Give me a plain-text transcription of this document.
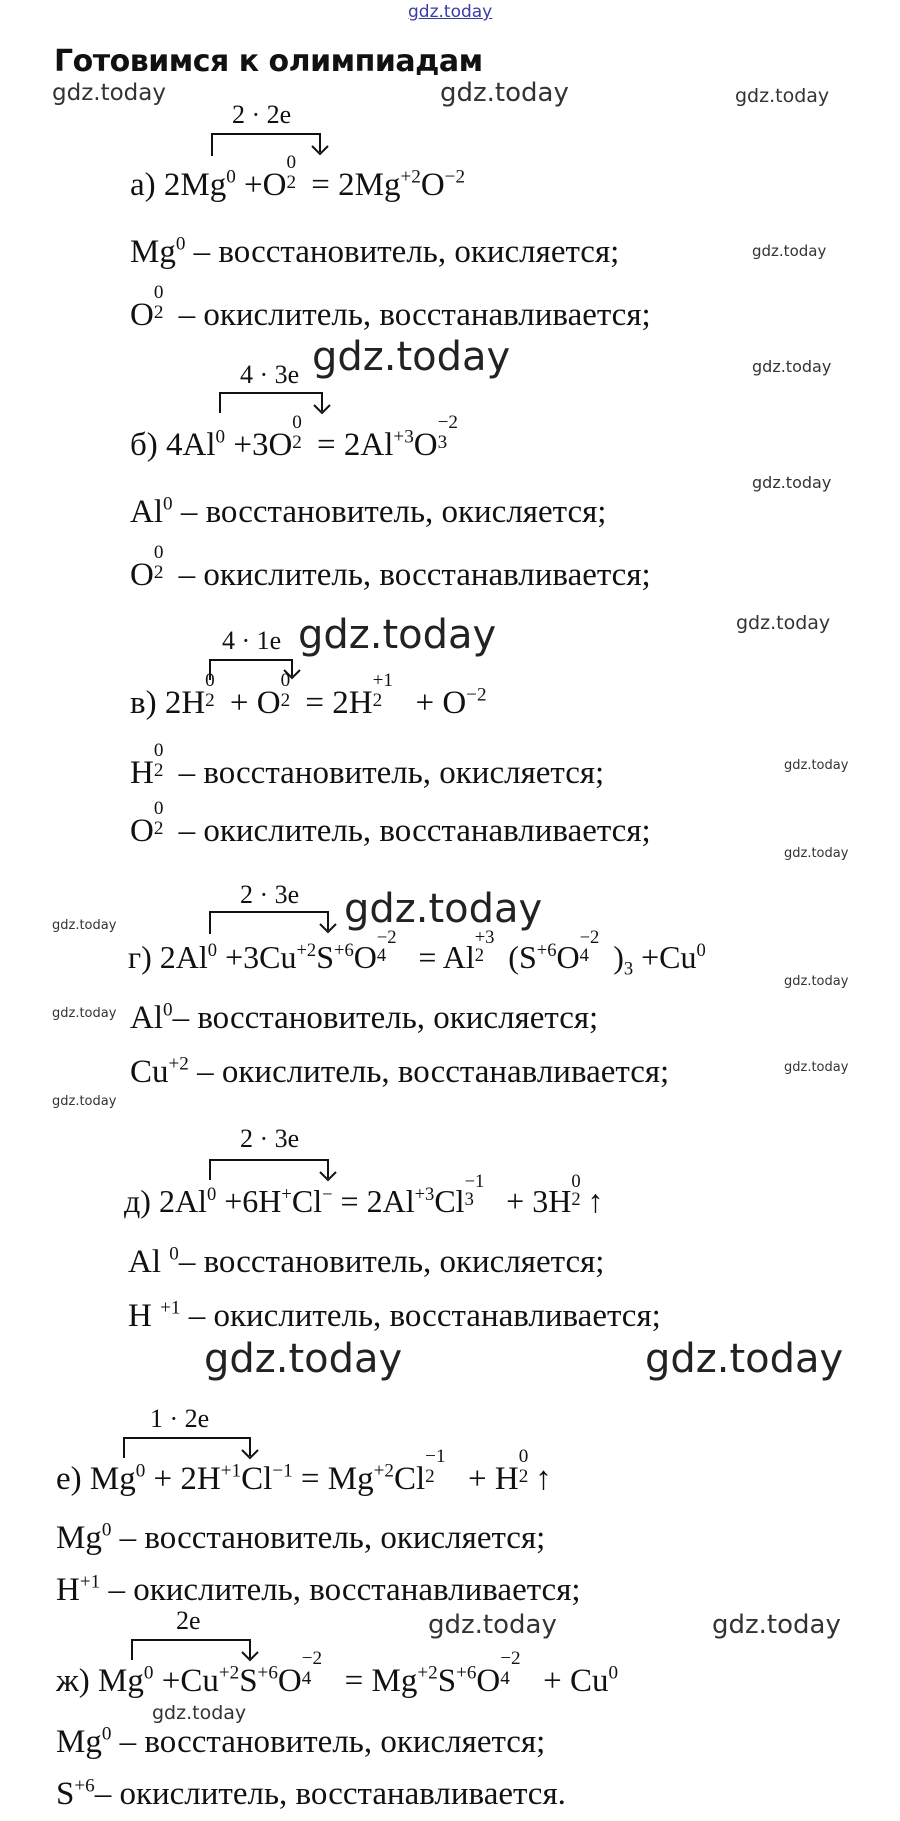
gdz.today
gdz.today	gdz.today	gdz.today
gdz.today
gdz.today	gdz.today
gdz.today
gdz.today
gdz.today
gdz.today
gdz.today
gdz.today
gdz.today
gdz.today
gdz.today
gdz.today
gdz.today
gdz.today	gdz.today
gdz.today	gdz.today
gdz.today
Готовимся к олимпиадам
2 · 2e
а) $2Mg^0 +O$
0
$2 = 2Mg^{+2}O^{-2}$
Mg$^0$ – восстановитель, окисляется;
O
0
2 – окислитель, восстанавливается;
4 · 3e
б) $4Al^0 +3O$
0
$2 = 2Al^{+3}O$
−2
3
Al$^0$ – восстановитель, окисляется;
O
0
2 – окислитель, восстанавливается;
4 · 1e
в) 2H
0
2 + O
0
2 = 2H
+1
$2 + O^{-2}$
H
0
2 – восстановитель, окисляется;
O
0
2 – окислитель, восстанавливается;
2 · 3e
г) $2Al^0 +3Cu^{+2}S^{+6}O$
−2
4 = Al
+3
2 ($S^{+6}O$
−2
4 )$_3 +Cu^0$
Al$^0$– восстановитель, окисляется;
$Cu^{+2}$ – окислитель, восстанавливается;
2 · 3e
д) $2Al^0 +6H^+Cl^- = 2Al^{+3}Cl$
−1
3 + 3H
0
2 ↑
Al $^0$– восстановитель, окисляется;
H $^{+1}$ – окислитель, восстанавливается;
1 · 2e
е) $Mg^0 + 2H^{+1}Cl^{-1} = Mg^{+2}Cl$
−1
2 + H
0
2 ↑
Mg$^0$ – восстановитель, окисляется;
$H^{+1}$ – окислитель, восстанавливается;
2e
ж) $Mg^0 +Cu^{+2}S^{+6}O$
−2
$4 = Mg^{+2}S^{+6}O$
−2
$4 + Cu^0$
Mg$^0$ – восстановитель, окисляется;
$S^{+6}-$ окислитель, восстанавливается.
